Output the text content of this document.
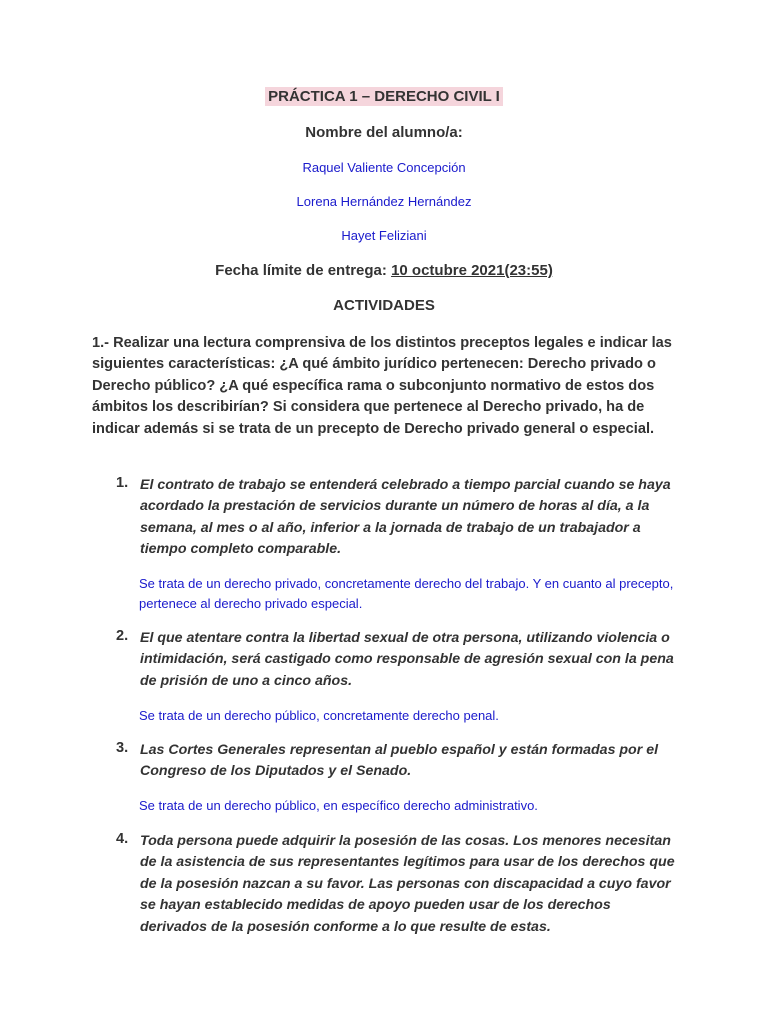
PRÁCTICA 1 – DERECHO CIVIL I
Nombre del alumno/a:
Raquel Valiente Concepción
Lorena Hernández Hernández
Hayet Feliziani
Fecha límite de entrega: 10 octubre 2021(23:55)
ACTIVIDADES
1.- Realizar una lectura comprensiva de los distintos preceptos legales e indicar las siguientes características: ¿A qué ámbito jurídico pertenecen: Derecho privado o Derecho público? ¿A qué específica rama o subconjunto normativo de estos dos ámbitos los describirían? Si considera que pertenece al Derecho privado, ha de indicar además si se trata de un precepto de Derecho privado general o especial.
1. El contrato de trabajo se entenderá celebrado a tiempo parcial cuando se haya acordado la prestación de servicios durante un número de horas al día, a la semana, al mes o al año, inferior a la jornada de trabajo de un trabajador a tiempo completo comparable.
Se trata de un derecho privado, concretamente derecho del trabajo. Y en cuanto al precepto, pertenece al derecho privado especial.
2. El que atentare contra la libertad sexual de otra persona, utilizando violencia o intimidación, será castigado como responsable de agresión sexual con la pena de prisión de uno a cinco años.
Se trata de un derecho público, concretamente derecho penal.
3. Las Cortes Generales representan al pueblo español y están formadas por el Congreso de los Diputados y el Senado.
Se trata de un derecho público, en específico derecho administrativo.
4. Toda persona puede adquirir la posesión de las cosas. Los menores necesitan de la asistencia de sus representantes legítimos para usar de los derechos que de la posesión nazcan a su favor. Las personas con discapacidad a cuyo favor se hayan establecido medidas de apoyo pueden usar de los derechos derivados de la posesión conforme a lo que resulte de estas.
